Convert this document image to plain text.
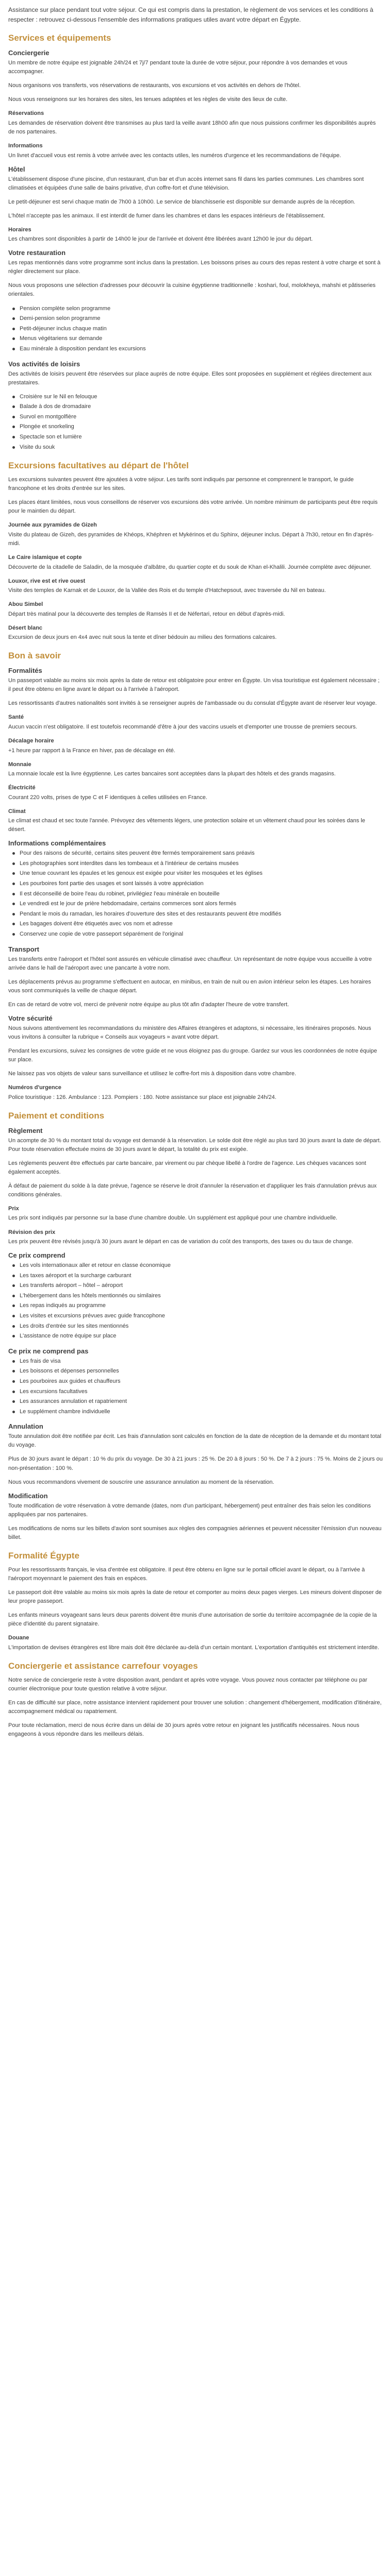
Assistance sur place pendant tout votre séjour. Ce qui est compris dans la prestation, le règlement de vos services et les conditions à respecter : retrouvez ci-dessous l'ensemble des informations pratiques utiles avant votre départ en Égypte.

Services et équipements
Conciergerie

Un membre de notre équipe est joignable 24h/24 et 7j/7 pendant toute la durée de votre séjour, pour répondre à vos demandes et vous accompagner.

Nous organisons vos transferts, vos réservations de restaurants, vos excursions et vos activités en dehors de l'hôtel.

Nous vous renseignons sur les horaires des sites, les tenues adaptées et les règles de visite des lieux de culte.

Réservations

Les demandes de réservation doivent être transmises au plus tard la veille avant 18h00 afin que nous puissions confirmer les disponibilités auprès de nos partenaires.

Informations

Un livret d'accueil vous est remis à votre arrivée avec les contacts utiles, les numéros d'urgence et les recommandations de l'équipe.

Hôtel

L'établissement dispose d'une piscine, d'un restaurant, d'un bar et d'un accès internet sans fil dans les parties communes. Les chambres sont climatisées et équipées d'une salle de bains privative, d'un coffre-fort et d'une télévision.

Le petit-déjeuner est servi chaque matin de 7h00 à 10h00. Le service de blanchisserie est disponible sur demande auprès de la réception.

L'hôtel n'accepte pas les animaux. Il est interdit de fumer dans les chambres et dans les espaces intérieurs de l'établissement.

Horaires

Les chambres sont disponibles à partir de 14h00 le jour de l'arrivée et doivent être libérées avant 12h00 le jour du départ.

Votre restauration

Les repas mentionnés dans votre programme sont inclus dans la prestation. Les boissons prises au cours des repas restent à votre charge et sont à régler directement sur place.

Nous vous proposons une sélection d'adresses pour découvrir la cuisine égyptienne traditionnelle : koshari, foul, molokheya, mahshi et pâtisseries orientales.

Pension complète selon programme
Demi-pension selon programme
Petit-déjeuner inclus chaque matin
Menus végétariens sur demande
Eau minérale à disposition pendant les excursions
Vos activités de loisirs

Des activités de loisirs peuvent être réservées sur place auprès de notre équipe. Elles sont proposées en supplément et réglées directement aux prestataires.

Croisière sur le Nil en felouque
Balade à dos de dromadaire
Survol en montgolfière
Plongée et snorkeling
Spectacle son et lumière
Visite du souk
Excursions facultatives au départ de l'hôtel

Les excursions suivantes peuvent être ajoutées à votre séjour. Les tarifs sont indiqués par personne et comprennent le transport, le guide francophone et les droits d'entrée sur les sites.

Les places étant limitées, nous vous conseillons de réserver vos excursions dès votre arrivée. Un nombre minimum de participants peut être requis pour le maintien du départ.

Journée aux pyramides de Gizeh

Visite du plateau de Gizeh, des pyramides de Khéops, Khéphren et Mykérinos et du Sphinx, déjeuner inclus. Départ à 7h30, retour en fin d'après-midi.

Le Caire islamique et copte

Découverte de la citadelle de Saladin, de la mosquée d'albâtre, du quartier copte et du souk de Khan el-Khalili. Journée complète avec déjeuner.

Louxor, rive est et rive ouest

Visite des temples de Karnak et de Louxor, de la Vallée des Rois et du temple d'Hatchepsout, avec traversée du Nil en bateau.

Abou Simbel

Départ très matinal pour la découverte des temples de Ramsès II et de Néfertari, retour en début d'après-midi.

Désert blanc

Excursion de deux jours en 4x4 avec nuit sous la tente et dîner bédouin au milieu des formations calcaires.

Bon à savoir
Formalités

Un passeport valable au moins six mois après la date de retour est obligatoire pour entrer en Égypte. Un visa touristique est également nécessaire ; il peut être obtenu en ligne avant le départ ou à l'arrivée à l'aéroport.

Les ressortissants d'autres nationalités sont invités à se renseigner auprès de l'ambassade ou du consulat d'Égypte avant de réserver leur voyage.

Santé

Aucun vaccin n'est obligatoire. Il est toutefois recommandé d'être à jour des vaccins usuels et d'emporter une trousse de premiers secours.

Décalage horaire

+1 heure par rapport à la France en hiver, pas de décalage en été.

Monnaie

La monnaie locale est la livre égyptienne. Les cartes bancaires sont acceptées dans la plupart des hôtels et des grands magasins.

Électricité

Courant 220 volts, prises de type C et F identiques à celles utilisées en France.

Climat

Le climat est chaud et sec toute l'année. Prévoyez des vêtements légers, une protection solaire et un vêtement chaud pour les soirées dans le désert.

Informations complémentaires
Pour des raisons de sécurité, certains sites peuvent être fermés temporairement sans préavis
Les photographies sont interdites dans les tombeaux et à l'intérieur de certains musées
Une tenue couvrant les épaules et les genoux est exigée pour visiter les mosquées et les églises
Les pourboires font partie des usages et sont laissés à votre appréciation
Il est déconseillé de boire l'eau du robinet, privilégiez l'eau minérale en bouteille
Le vendredi est le jour de prière hebdomadaire, certains commerces sont alors fermés
Pendant le mois du ramadan, les horaires d'ouverture des sites et des restaurants peuvent être modifiés
Les bagages doivent être étiquetés avec vos nom et adresse
Conservez une copie de votre passeport séparément de l'original
Transport

Les transferts entre l'aéroport et l'hôtel sont assurés en véhicule climatisé avec chauffeur. Un représentant de notre équipe vous accueille à votre arrivée dans le hall de l'aéroport avec une pancarte à votre nom.

Les déplacements prévus au programme s'effectuent en autocar, en minibus, en train de nuit ou en avion intérieur selon les étapes. Les horaires vous sont communiqués la veille de chaque départ.

En cas de retard de votre vol, merci de prévenir notre équipe au plus tôt afin d'adapter l'heure de votre transfert.

Votre sécurité

Nous suivons attentivement les recommandations du ministère des Affaires étrangères et adaptons, si nécessaire, les itinéraires proposés. Nous vous invitons à consulter la rubrique « Conseils aux voyageurs » avant votre départ.

Pendant les excursions, suivez les consignes de votre guide et ne vous éloignez pas du groupe. Gardez sur vous les coordonnées de notre équipe sur place.

Ne laissez pas vos objets de valeur sans surveillance et utilisez le coffre-fort mis à disposition dans votre chambre.

Numéros d'urgence

Police touristique : 126. Ambulance : 123. Pompiers : 180. Notre assistance sur place est joignable 24h/24.

Paiement et conditions
Règlement

Un acompte de 30 % du montant total du voyage est demandé à la réservation. Le solde doit être réglé au plus tard 30 jours avant la date de départ. Pour toute réservation effectuée moins de 30 jours avant le départ, la totalité du prix est exigée.

Les règlements peuvent être effectués par carte bancaire, par virement ou par chèque libellé à l'ordre de l'agence. Les chèques vacances sont également acceptés.

À défaut de paiement du solde à la date prévue, l'agence se réserve le droit d'annuler la réservation et d'appliquer les frais d'annulation prévus aux conditions générales.

Prix

Les prix sont indiqués par personne sur la base d'une chambre double. Un supplément est appliqué pour une chambre individuelle.

Révision des prix

Les prix peuvent être révisés jusqu'à 30 jours avant le départ en cas de variation du coût des transports, des taxes ou du taux de change.

Ce prix comprend
Les vols internationaux aller et retour en classe économique
Les taxes aéroport et la surcharge carburant
Les transferts aéroport – hôtel – aéroport
L'hébergement dans les hôtels mentionnés ou similaires
Les repas indiqués au programme
Les visites et excursions prévues avec guide francophone
Les droits d'entrée sur les sites mentionnés
L'assistance de notre équipe sur place
Ce prix ne comprend pas
Les frais de visa
Les boissons et dépenses personnelles
Les pourboires aux guides et chauffeurs
Les excursions facultatives
Les assurances annulation et rapatriement
Le supplément chambre individuelle
Annulation

Toute annulation doit être notifiée par écrit. Les frais d'annulation sont calculés en fonction de la date de réception de la demande et du montant total du voyage.

Plus de 30 jours avant le départ : 10 % du prix du voyage. De 30 à 21 jours : 25 %. De 20 à 8 jours : 50 %. De 7 à 2 jours : 75 %. Moins de 2 jours ou non-présentation : 100 %.

Nous vous recommandons vivement de souscrire une assurance annulation au moment de la réservation.

Modification

Toute modification de votre réservation à votre demande (dates, nom d'un participant, hébergement) peut entraîner des frais selon les conditions appliquées par nos partenaires.

Les modifications de noms sur les billets d'avion sont soumises aux règles des compagnies aériennes et peuvent nécessiter l'émission d'un nouveau billet.

Formalité Égypte

Pour les ressortissants français, le visa d'entrée est obligatoire. Il peut être obtenu en ligne sur le portail officiel avant le départ, ou à l'arrivée à l'aéroport moyennant le paiement des frais en espèces.

Le passeport doit être valable au moins six mois après la date de retour et comporter au moins deux pages vierges. Les mineurs doivent disposer de leur propre passeport.

Les enfants mineurs voyageant sans leurs deux parents doivent être munis d'une autorisation de sortie du territoire accompagnée de la copie de la pièce d'identité du parent signataire.

Douane

L'importation de devises étrangères est libre mais doit être déclarée au-delà d'un certain montant. L'exportation d'antiquités est strictement interdite.

Conciergerie et assistance carrefour voyages

Notre service de conciergerie reste à votre disposition avant, pendant et après votre voyage. Vous pouvez nous contacter par téléphone ou par courrier électronique pour toute question relative à votre séjour.

En cas de difficulté sur place, notre assistance intervient rapidement pour trouver une solution : changement d'hébergement, modification d'itinéraire, accompagnement médical ou rapatriement.

Pour toute réclamation, merci de nous écrire dans un délai de 30 jours après votre retour en joignant les justificatifs nécessaires. Nous nous engageons à vous répondre dans les meilleurs délais.
